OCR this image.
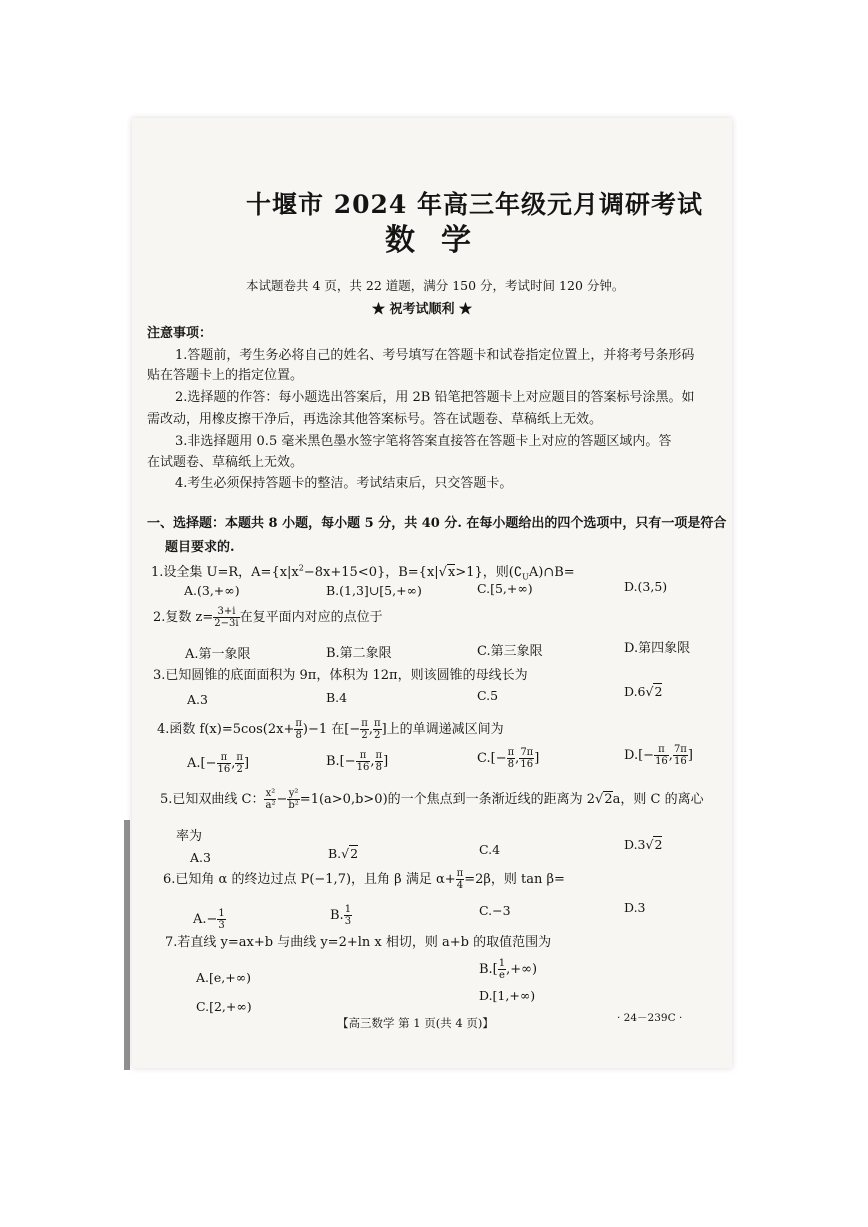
十堰市 2024 年高三年级元月调研考试
数学
本试题卷共 4 页，共 22 道题，满分 150 分，考试时间 120 分钟。
★ 祝考试顺利 ★
注意事项：
1.答题前，考生务必将自己的姓名、考号填写在答题卡和试卷指定位置上，并将考号条形码
贴在答题卡上的指定位置。
2.选择题的作答：每小题选出答案后，用 2B 铅笔把答题卡上对应题目的答案标号涂黑。如
需改动，用橡皮擦干净后，再选涂其他答案标号。答在试题卷、草稿纸上无效。
3.非选择题用 0.5 毫米黑色墨水签字笔将答案直接答在答题卡上对应的答题区域内。答
在试题卷、草稿纸上无效。
4.考生必须保持答题卡的整洁。考试结束后，只交答题卡。
一、选择题：本题共 8 小题，每小题 5 分，共 40 分. 在每小题给出的四个选项中，只有一项是符合
题目要求的.
1.设全集 U=R，$A=\{x|x^2-8x+15<0\}$，B={x|√x>1}，则$(∁_UA)\cap B=$
A.(3,+∞)	B.(1,3]∪[5,+∞)	C.[5,+∞)	D.(3,5)
2.复数 $z= \frac{3+i}{2-3i}$ 在复平面内对应的点位于
A.第一象限	B.第二象限	C.第三象限	D.第四象限
3.已知圆锥的底面面积为 9π，体积为 12π，则该圆锥的母线长为
A.3	B.4	C.5	D.6√2
4.函数 $f(x)=5\cos(2x+ \frac{\pi}{8} )-1$ 在[− $\frac{\pi}{2}$ , $\frac{\pi}{2}$ ]上的单调递减区间为
$A.[- \frac{\pi}{16}$ , $\frac{\pi}{2}$ ]	$B.[- \frac{\pi}{16}$ , $\frac{\pi}{8}$ ]	$C.[- \frac{\pi}{8}$ , $\frac{7\pi}{16}$ ]	$D.[- \frac{\pi}{16}$ , $\frac{7\pi}{16}$ ]
5.已知双曲线 C： $\frac{\text{x²}}{\text{a²}} - \frac{\text{y²}}{\text{b²}} =1(a>0,b>0)$的一个焦点到一条渐近线的距离为 2√2a，则 C 的离心
率为
A.3	B.√2	C.4	D.3√2
6.已知角 α 的终边过点 P(−1,7)，且角 β 满足 $\alpha+ \frac{\pi}{4} =2\beta$，则 tan β=
$A.- \frac{1}{3}$	B. $\frac{1}{3}$	C.−3	D.3
7.若直线 y=ax+b 与曲线 y=2+ln x 相切，则 a+b 的取值范围为
A.[e,+∞)
$B.[ \frac{1}{e}$ ,+∞)
C.[2,+∞)
D.[1,+∞)
【高三数学 第 1 页(共 4 页)】	· 24－239C ·
